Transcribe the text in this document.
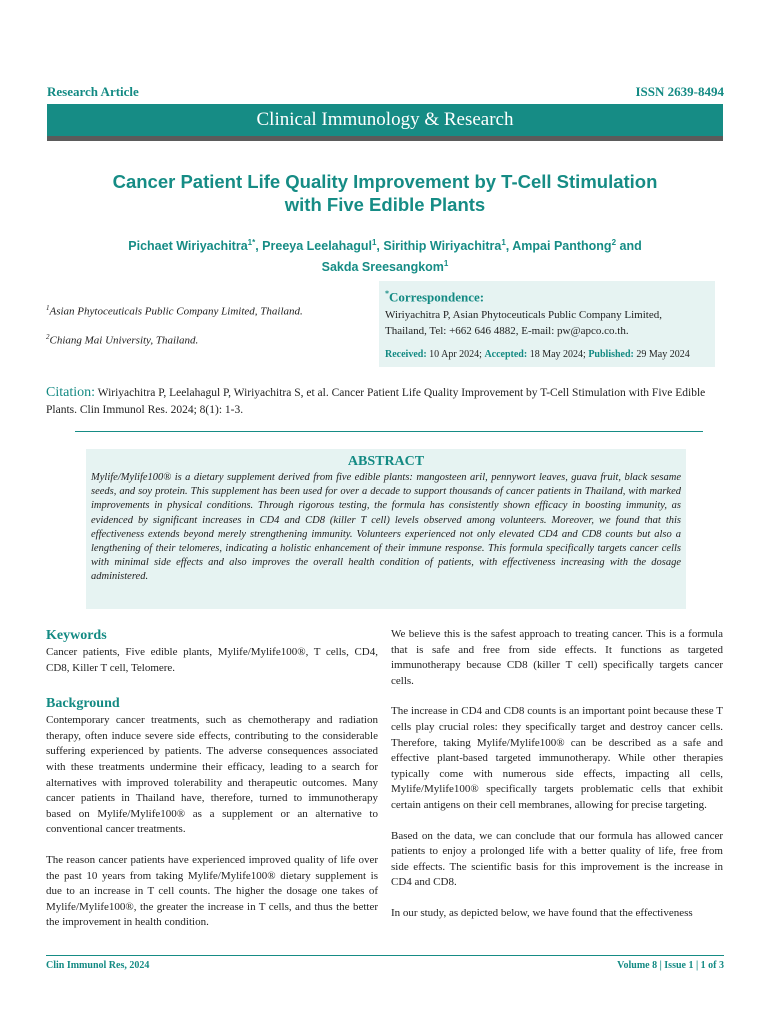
Research Article	ISSN 2639-8494
Clinical Immunology & Research
Cancer Patient Life Quality Improvement by T-Cell Stimulation
with Five Edible Plants
Pichaet Wiriyachitra$^{1*}$, Preeya Leelahagul$^1$, Sirithip Wiriyachitra$^1$, Ampai Panthong$^2$ and
Sakda Sreesangkom$^1$
$^1$Asian Phytoceuticals Public Company Limited, Thailand.
$^2$Chiang Mai University, Thailand.
*Correspondence:
Wiriyachitra P, Asian Phytoceuticals Public Company Limited,
Thailand, Tel: +662 646 4882, E-mail: pw@apco.co.th.
Received: 10 Apr 2024; Accepted: 18 May 2024; Published: 29 May 2024
Citation: Wiriyachitra P, Leelahagul P, Wiriyachitra S, et al. Cancer Patient Life Quality Improvement by T-Cell Stimulation with Five Edible Plants. Clin Immunol Res. 2024; 8(1): 1-3.
ABSTRACT
Mylife/Mylife100® is a dietary supplement derived from five edible plants: mangosteen aril, pennywort leaves, guava fruit, black sesame seeds, and soy protein. This supplement has been used for over a decade to support thousands of cancer patients in Thailand, with marked improvements in physical conditions. Through rigorous testing, the formula has consistently shown efficacy in boosting immunity, as evidenced by significant increases in CD4 and CD8 (killer T cell) levels observed among volunteers. Moreover, we found that this effectiveness extends beyond merely strengthening immunity. Volunteers experienced not only elevated CD4 and CD8 counts but also a lengthening of their telomeres, indicating a holistic enhancement of their immune response. This formula specifically targets cancer cells with minimal side effects and also improves the overall health condition of patients, with effectiveness increasing with the dosage administered.
Keywords

Cancer patients, Five edible plants, Mylife/Mylife100®, T cells, CD4, CD8, Killer T cell, Telomere.

Background

Contemporary cancer treatments, such as chemotherapy and radiation therapy, often induce severe side effects, contributing to the considerable suffering experienced by patients. The adverse consequences associated with these treatments undermine their efficacy, leading to a search for alternatives with improved tolerability and therapeutic outcomes. Many cancer patients in Thailand have, therefore, turned to immunotherapy based on Mylife/Mylife100® as a supplement or an alternative to conventional cancer treatments.

The reason cancer patients have experienced improved quality of life over the past 10 years from taking Mylife/Mylife100® dietary supplement is due to an increase in T cell counts. The higher the dosage one takes of Mylife/Mylife100®, the greater the increase in T cells, and thus the better the improvement in health condition.

We believe this is the safest approach to treating cancer. This is a formula that is safe and free from side effects. It functions as targeted immunotherapy because CD8 (killer T cell) specifically targets cancer cells.

The increase in CD4 and CD8 counts is an important point because these T cells play crucial roles: they specifically target and destroy cancer cells. Therefore, taking Mylife/Mylife100® can be described as a safe and effective plant-based targeted immunotherapy. While other therapies typically come with numerous side effects, impacting all cells, Mylife/Mylife100® specifically targets problematic cells that exhibit certain antigens on their cell membranes, allowing for precise targeting.

Based on the data, we can conclude that our formula has allowed cancer patients to enjoy a prolonged life with a better quality of life, free from side effects. The scientific basis for this improvement is the increase in CD4 and CD8.

In our study, as depicted below, we have found that the effectiveness

Clin Immunol Res, 2024	Volume 8 | Issue 1 | 1 of 3
